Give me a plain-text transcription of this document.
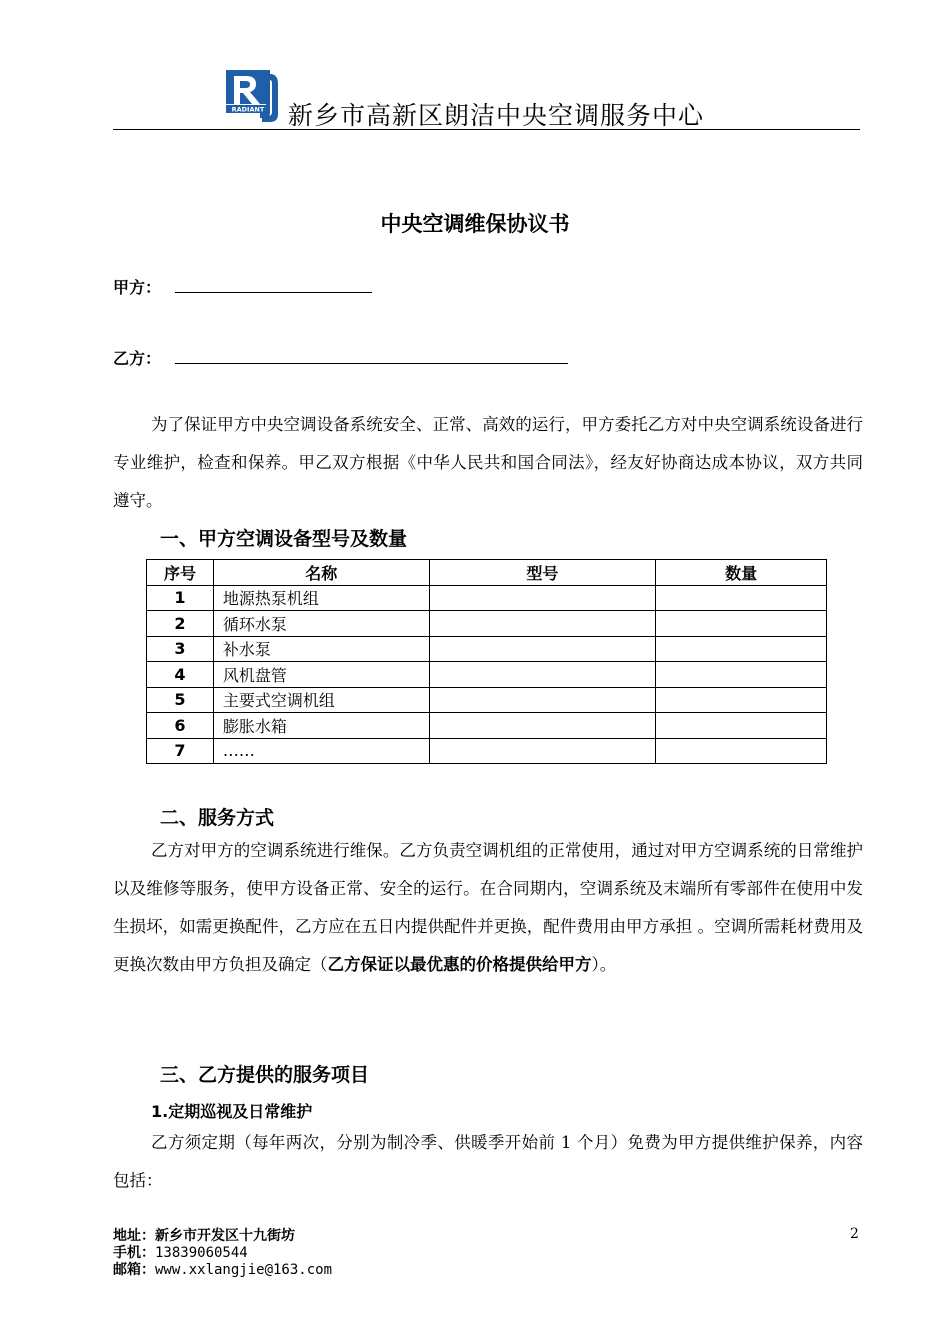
RADIANT 新乡市高新区朗洁中央空调服务中心
中央空调维保协议书
甲方：
乙方：

为了保证甲方中央空调设备系统安全、正常、高效的运行，甲方委托乙方对中央空调系统设备进行专业维护，检查和保养。甲乙双方根据《中华人民共和国合同法》，经友好协商达成本协议，双方共同遵守。

一、甲方空调设备型号及数量
序号	名称	型号	数量
1	地源热泵机组		
2	循环水泵		
3	补水泵		
4	风机盘管		
5	主要式空调机组		
6	膨胀水箱		
7	……		
二、服务方式

乙方对甲方的空调系统进行维保。乙方负责空调机组的正常使用，通过对甲方空调系统的日常维护以及维修等服务，使甲方设备正常、安全的运行。在合同期内，空调系统及末端所有零部件在使用中发生损坏，如需更换配件，乙方应在五日内提供配件并更换，配件费用由甲方承担 。空调所需耗材费用及更换次数由甲方负担及确定（乙方保证以最优惠的价格提供给甲方）。

三、乙方提供的服务项目
1.定期巡视及日常维护

乙方须定期（每年两次，分别为制冷季、供暖季开始前 1 个月）免费为甲方提供维护保养，内容包括：

2
地址：新乡市开发区十九街坊
手机：13839060544
邮箱：www.xxlangjie@163.com
